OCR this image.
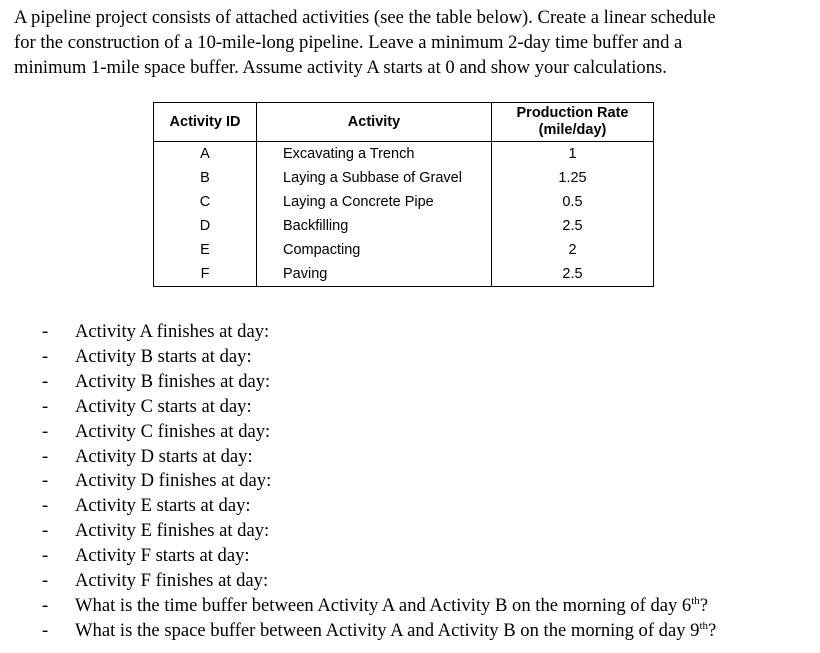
A pipeline project consists of attached activities (see the table below). Create a linear schedule
for the construction of a 10-mile-long pipeline. Leave a minimum 2-day time buffer and a
minimum 1-mile space buffer. Assume activity A starts at 0 and show your calculations.
Activity ID	Activity	Production Rate
(mile/day)
A	Excavating a Trench	1
B	Laying a Subbase of Gravel	1.25
C	Laying a Concrete Pipe	0.5
D	Backfilling	2.5
E	Compacting	2
F	Paving	2.5
- Activity A finishes at day:
- Activity B starts at day:
- Activity B finishes at day:
- Activity C starts at day:
- Activity C finishes at day:
- Activity D starts at day:
- Activity D finishes at day:
- Activity E starts at day:
- Activity E finishes at day:
- Activity F starts at day:
- Activity F finishes at day:
- What is the time buffer between Activity A and Activity B on the morning of day 6th?
- What is the space buffer between Activity A and Activity B on the morning of day 9th?
